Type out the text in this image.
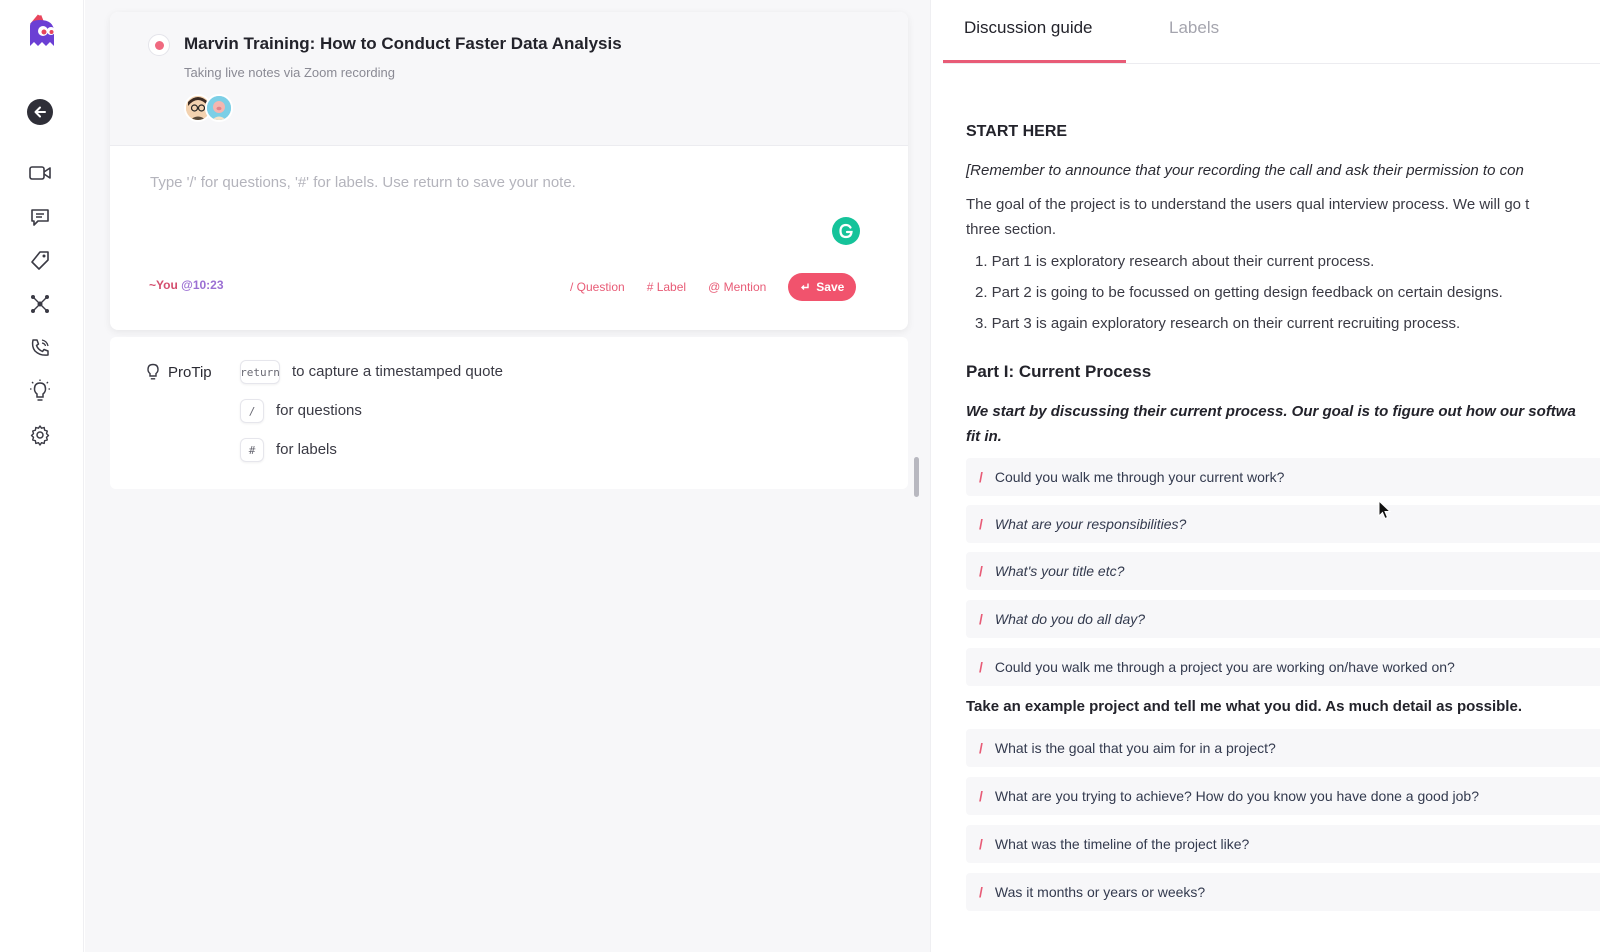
Marvin Training: How to Conduct Faster Data Analysis
Taking live notes via Zoom recording
Type '/' for questions, '#' for labels. Use return to save your note.
~You @10:23	/ Question # Label @ Mention	Save
ProTip	return to capture a timestamped quote
/	for questions
#	for labels
Discussion guide	Labels
START HERE
[Remember to announce that your recording the call and ask their permission to con
The goal of the project is to understand the users qual interview process. We will go t
three section.
1. Part 1 is exploratory research about their current process.
2. Part 2 is going to be focussed on getting design feedback on certain designs.
3. Part 3 is again exploratory research on their current recruiting process.
Part I: Current Process
We start by discussing their current process. Our goal is to figure out how our softwa
fit in.
/ Could you walk me through your current work?
/ What are your responsibilities?
/ What's your title etc?
/ What do you do all day?
/ Could you walk me through a project you are working on/have worked on?
Take an example project and tell me what you did. As much detail as possible.
/ What is the goal that you aim for in a project?
/ What are you trying to achieve? How do you know you have done a good job?
/ What was the timeline of the project like?
/ Was it months or years or weeks?
